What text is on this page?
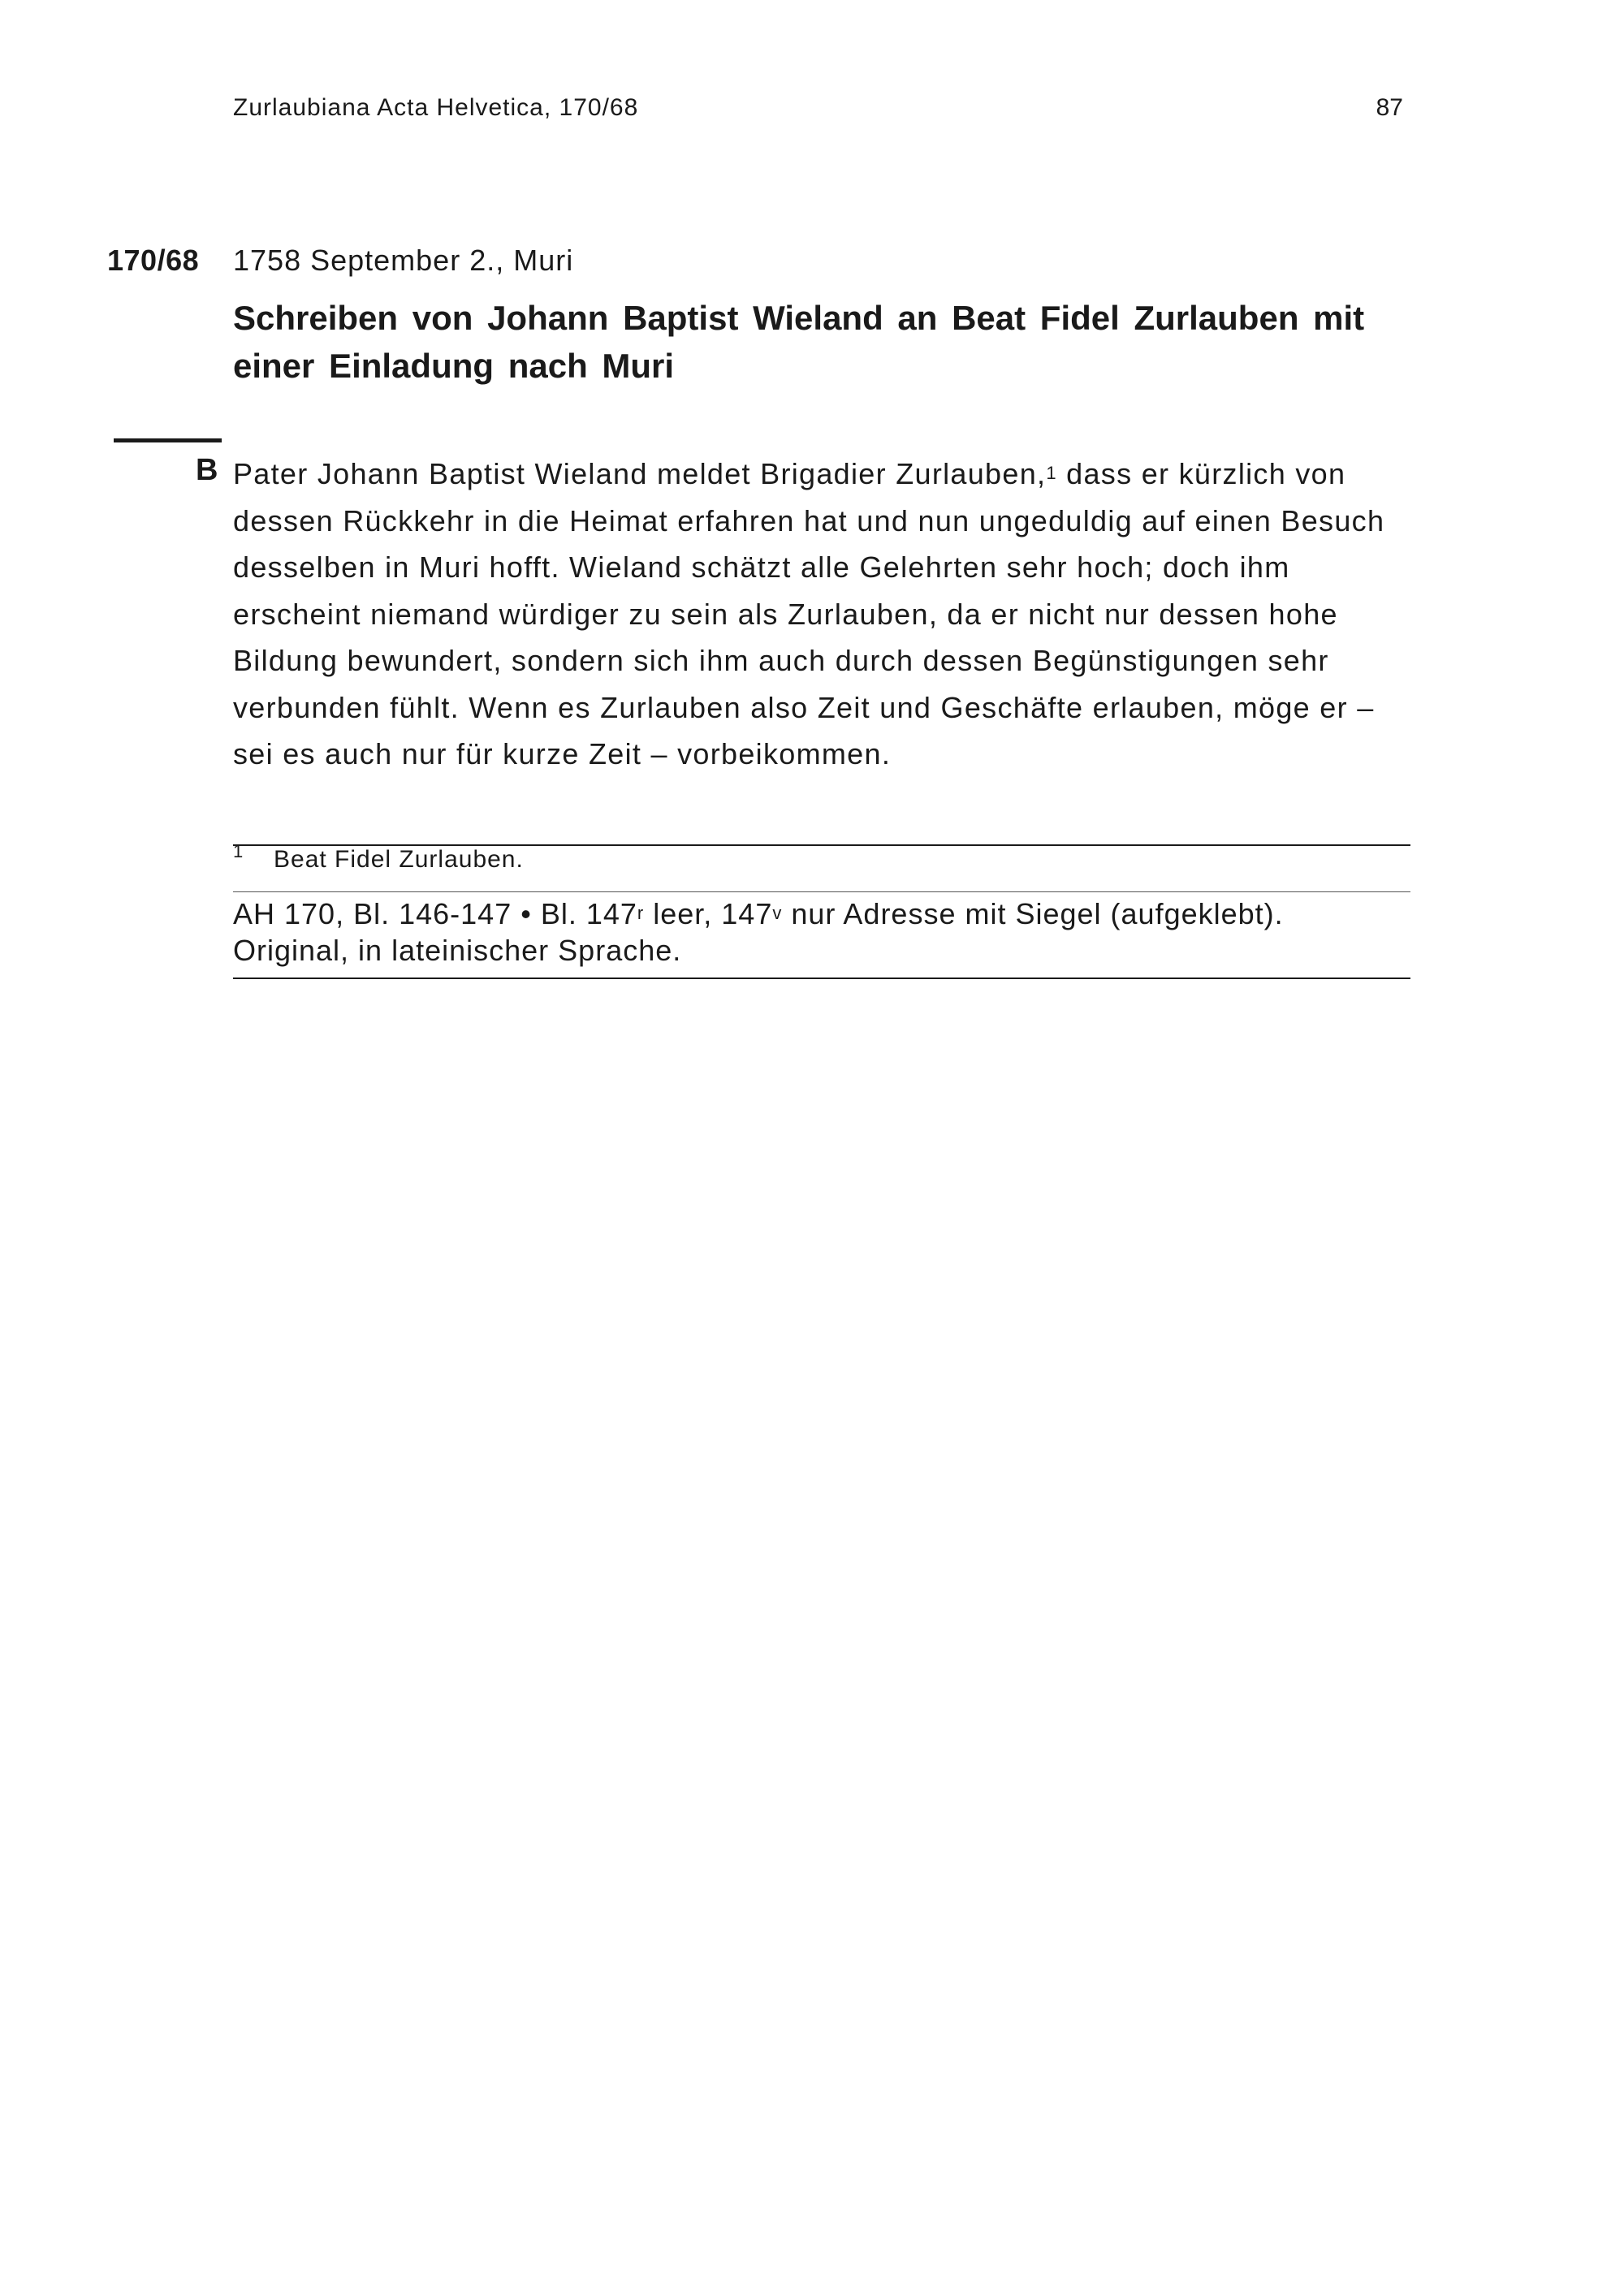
Zurlaubiana Acta Helvetica, 170/68	87
170/68 1758 September 2., Muri
Schreiben von Johann Baptist Wieland an Beat Fidel Zurlauben mit einer Einladung nach Muri
B Pater Johann Baptist Wieland meldet Brigadier Zurlauben,$^1$ dass er kürzlich von dessen Rückkehr in die Heimat erfahren hat und nun ungeduldig auf einen Besuch desselben in Muri hofft. Wieland schätzt alle Gelehrten sehr hoch; doch ihm erscheint niemand würdiger zu sein als Zurlauben, da er nicht nur dessen hohe Bildung bewundert, sondern sich ihm auch durch dessen Begünstigungen sehr verbunden fühlt. Wenn es Zurlauben also Zeit und Geschäfte erlauben, möge er – sei es auch nur für kurze Zeit – vorbeikommen.

1 Beat Fidel Zurlauben.

AH 170, Bl. 146-147 • Bl. 147$^r$ leer, 147$^v$ nur Adresse mit Siegel (aufgeklebt).
Original, in lateinischer Sprache.
